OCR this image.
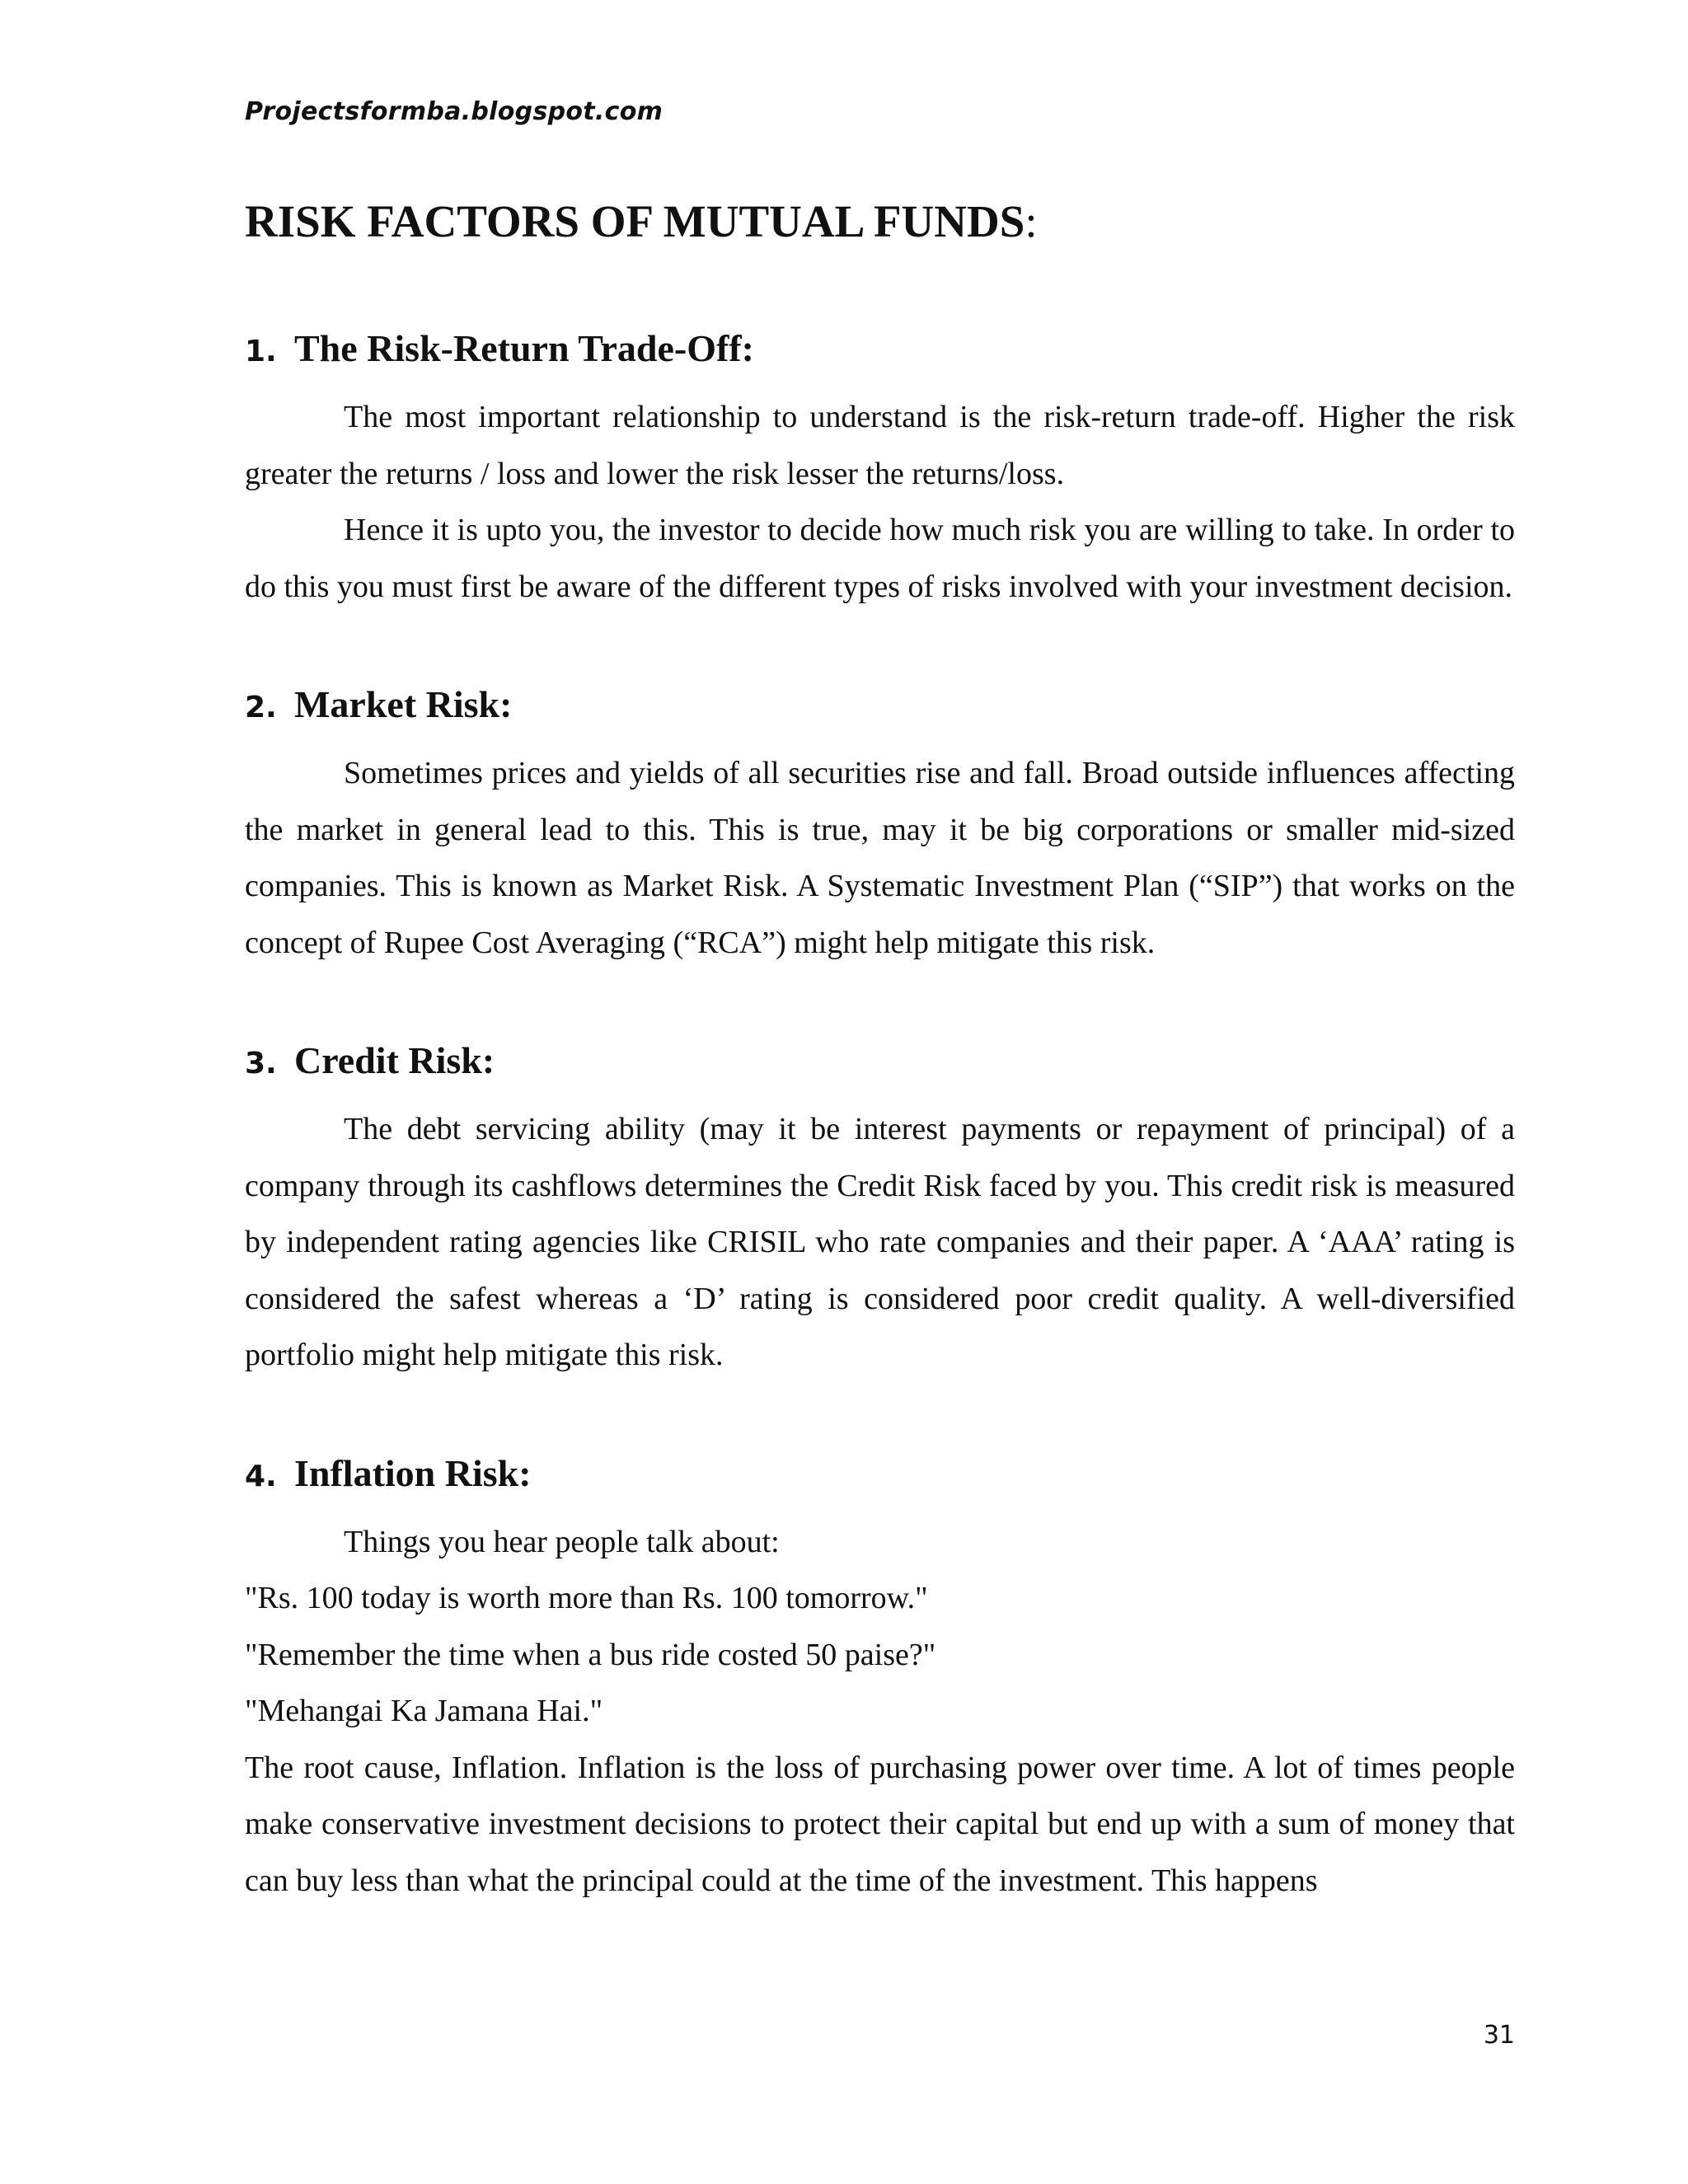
Projectsformba.blogspot.com
RISK FACTORS OF MUTUAL FUNDS:
1. The Risk-Return Trade-Off:

The most important relationship to understand is the risk-return trade-off. Higher the risk greater the returns / loss and lower the risk lesser the returns/loss.

Hence it is upto you, the investor to decide how much risk you are willing to take. In order to do this you must first be aware of the different types of risks involved with your investment decision.

2. Market Risk:

Sometimes prices and yields of all securities rise and fall. Broad outside influences affecting the market in general lead to this. This is true, may it be big corporations or smaller mid-sized companies. This is known as Market Risk. A Systematic Investment Plan (“SIP”) that works on the concept of Rupee Cost Averaging (“RCA”) might help mitigate this risk.

3. Credit Risk:

The debt servicing ability (may it be interest payments or repayment of principal) of a company through its cashflows determines the Credit Risk faced by you. This credit risk is measured by independent rating agencies like CRISIL who rate companies and their paper. A ‘AAA’ rating is considered the safest whereas a ‘D’ rating is considered poor credit quality. A well-diversified portfolio might help mitigate this risk.

4. Inflation Risk:

Things you hear people talk about:

"Rs. 100 today is worth more than Rs. 100 tomorrow."

"Remember the time when a bus ride costed 50 paise?"

"Mehangai Ka Jamana Hai."

The root cause, Inflation. Inflation is the loss of purchasing power over time. A lot of times people make conservative investment decisions to protect their capital but end up with a sum of money that can buy less than what the principal could at the time of the investment. This happens

31
